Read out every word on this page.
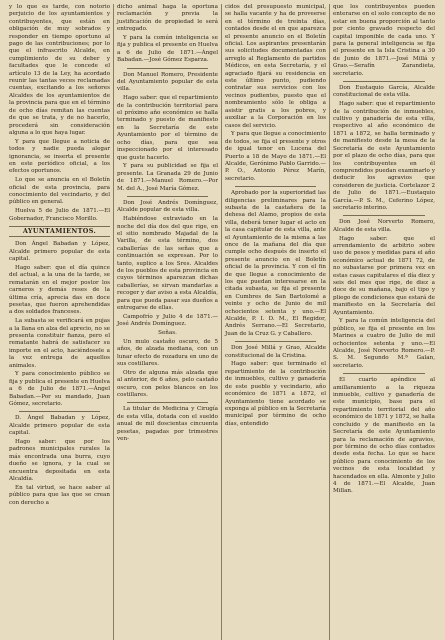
y lo que es tarde, con notorio perjuicio de los ayuntamientos y contribuyentes, que están en obligación de muy sobrados y responder en tiempo oportuno al pago de las contribuciones; por lo que el infrascrito Alcalde, en cumplimiento de su deber y facultades que le concede el artículo 13 de la Ley, ha acordado reunir las tantas veces reclamadas cuentas, excitando a los señores Alcaldes de los ayuntamientos de la provincia para que en el término de ocho días remitan las cuentas de que se trata, y de no hacerlo, procederá sin consideración alguna a lo que haya lugar.

Y para que llegue a noticia de todos y nadie pueda alegar ignorancia, se inserta el presente en este periódico oficial, a los efectos oportunos.

Lo que se anuncia en el Boletín oficial de esta provincia, para conocimiento del vecindario, y del público en general.

Huelva 5 de Julio de 1871.—El Gobernador, Francisco Morillo.

AYUNTAMIENTOS.

Don Ángel Babadan y López, Alcalde primero popular de esta capital.

Hago saber: que el día quince del actual, a la una de la tarde, se rematarán en el mejor postor los carneros y demás reses de la última cría, aprecia das en doce pesetas, que fueron aprehendidas a dos soldados franceses.

La subasta se verificará en pujas a la llana en alza del aprecio, no se presenta constituir fianza, pero el rematante habrá de satisfacer su importe en el acto, haciéndosele a la vez entrega de aquellos animales.

Y para conocimiento público se fija y publica el presente en Huelva a 6 de Julio de 1871.—Ángel Babadan.—Por su mandado, Juan Gómez, secretario.

D. Ángel Babadan y López, Alcalde primero popular de esta capital.

Hago saber: que por los padrones municipales rurales la más encontrada una burra, cuyo dueño se ignora, y la cual se encuentra depositada en esta Alcaldía.

En tal virtud, se hace saber al público para que las que se crean con derecho a

dicho animal haga la oportuna reclamación y previa la justificación de propiedad le será entregado.

Y para la común inteligencia se fija y publica el presente en Huelva a 6 de Julio de 1871.—Ángel Babadan.—José Gómez Esparza.

Don Manuel Romero, Presidente del Ayuntamiento popular de esta villa.

Hago saber: que el repartimiento de la contribución territorial para el próximo año económico se halla terminado y puesto de manifiesto en la Secretaría de este Ayuntamiento por el término de ocho días, para que sea inspeccionado por el interesado que guste hacerlo.

Y para su publicidad se fija el presente. La Granada 29 de Junio de 1871.—Manuel Romero.—Por M. del A., José María Gómez.

Don José Andrés Domínguez, Alcalde popular de esta villa.

Habiéndose extraviado en la noche del día dos del que rige, en el sitio nombrado Majadal de la Varilla, de esta término, dos caballerías de las señas que a continuación se expresan. Por lo tanto, suplico a los Sres. Alcaldes de los pueblos de esta provincia en cuyos términos aparezcan dichas caballerías, se sirvan mandarlas a recoger y dar aviso a esta Alcaldía, para que pueda pasar sus dueños a entregarse de ellas.

Campofrío y Julio 4 de 1871.—José Andrés Domínguez.

Señas.

Un mulo castaño oscuro, de 5 años, de alzada mediana, con un lunar efecto de rozadura en uno de sus costillares.

Otro de alguna más alzada que al anterior, de 6 años, pelo castaño oscuro, con pelos blancos en los costillares.

La titular de Medicina y Cirugía de esta villa, dotada con el sueldo anual de mil doscientas cincuenta pesetas, pagadas por trimestres ven-

cidos del presupuesto municipal, se halla vacante y ha de proveerse en el término de treinta días, contados desde el en que aparezca el presente anuncio en el Boletín oficial. Los aspirantes presentarán sus solicitudes documentadas con arreglo al Reglamento de partidos Médicos, en esta Secretaría, y el agraciado fijará su residencia en este último punto, pudiendo contratar sus servicios con los vecinos pudientes, puesto que el nombramiento sólo le obliga a asistir gratis a los pobres, y auxiliar a la Corporación en los casos del servicio.

Y para que llegue a conocimiento de todos, se fija el presente y otros de igual tenor en Lucena del Puerto a 18 de Mayo de 1871.—El Alcalde, Gerónimo Pablo Garrido.—P. O., Antonio Pérez Marín, secretario.

Aprobado por la superioridad las diligencias preliminares para la subasta de la castañera de la dehesa del Alamo, propios de esta villa, deberá tener lugar el acto en la casa capitular de esta villa, ante el Ayuntamiento de la misma a las once de la mañana del día que cumple ocho después de inserto el presente anuncio en el Boletín oficial de la provincia. Y con el fin de que llegue a conocimiento de los que puedan interesarse en la citada subasta, se fija el presente en Cumbres de San Bartolomé a veinte y ocho de Junio de mil ochocientos setenta y uno.—El Alcalde, P. I. D. M., El Regidor, Andrés Serrano.—El Secretario, Juan de la Cruz G. y Caballero.

Don José Millá y Grao, Alcalde constitucional de la Cristina.

Hago saber: que terminado el repartimiento de la contribución de inmuebles, cultivo y ganadería de este pueblo y vecindario, año económico de 1871 a 1872, el Ayuntamiento tiene acordado se exponga al público en la Secretaría municipal por término de ocho días, entendido

que los contribuyentes pueden enterarse en el solo concepto de no estar en buena proporción al tanto por ciento gravado respecto del capital imponible de cada uno. Y para la general inteligencia se fija el presente en la Isla Cristina a 30 de Junio de 1871.—José Millá y Grao.—Serafín Zarandieta, secretario.

Don Eustaquio García, Alcalde constitucional de esta villa.

Hago saber: que el repartimiento de la contribución de inmuebles, cultivo y ganadería de esta villa, respectivo al año económico de 1871 a 1872, se halla terminado y de manifiesto desde la mesa de la Secretaría de este Ayuntamiento por el plazo de ocho días, para que los contribuyentes en él comprendidos puedan examinarlo y deducir los agravios que consideren de justicia. Cortelazor 2 de Julio de 1871.—Eustaquio García.—P. S. M., Ceferino López, secretario interino.

Don José Norverto Romero, Alcalde de esta villa.

Hago saber: que el arrendamiento de arbitrio sobre uso de pesos y medidas para el año económico actual de 1871 72, de no subastarse por primera vez en estas casas capitulares el día diez y seis del mes que rige, de diez a doce de su mañana, bajo el tipo y pliego de condiciones que estará de manifiesto en la Secretaría del Ayuntamiento.

Y para la común inteligencia del público, se fija el presente en los Marines a cuatro de Julio de mil ochocientos setenta y uno.—El Alcalde, José Norverto Romero.—P. S. M. Segundo M.ª Galan, secretario.

El cuarto apéndice al amillaramiento a la riqueza inmueble, cultivo y ganadería de este municipio, base para el repartimiento territorial del año económico de 1871 y 1872, se halla concluido y de manifiesto en la Secretaría de este Ayuntamiento para la reclamación de agravios, por término de ocho días contados desde esta fecha. Lo que se hace público para conocimiento de los vecinos de esta localidad y hacendados en ella. Almonte y Julio 4 de 1871.—El Alcalde, Juan Millan.
